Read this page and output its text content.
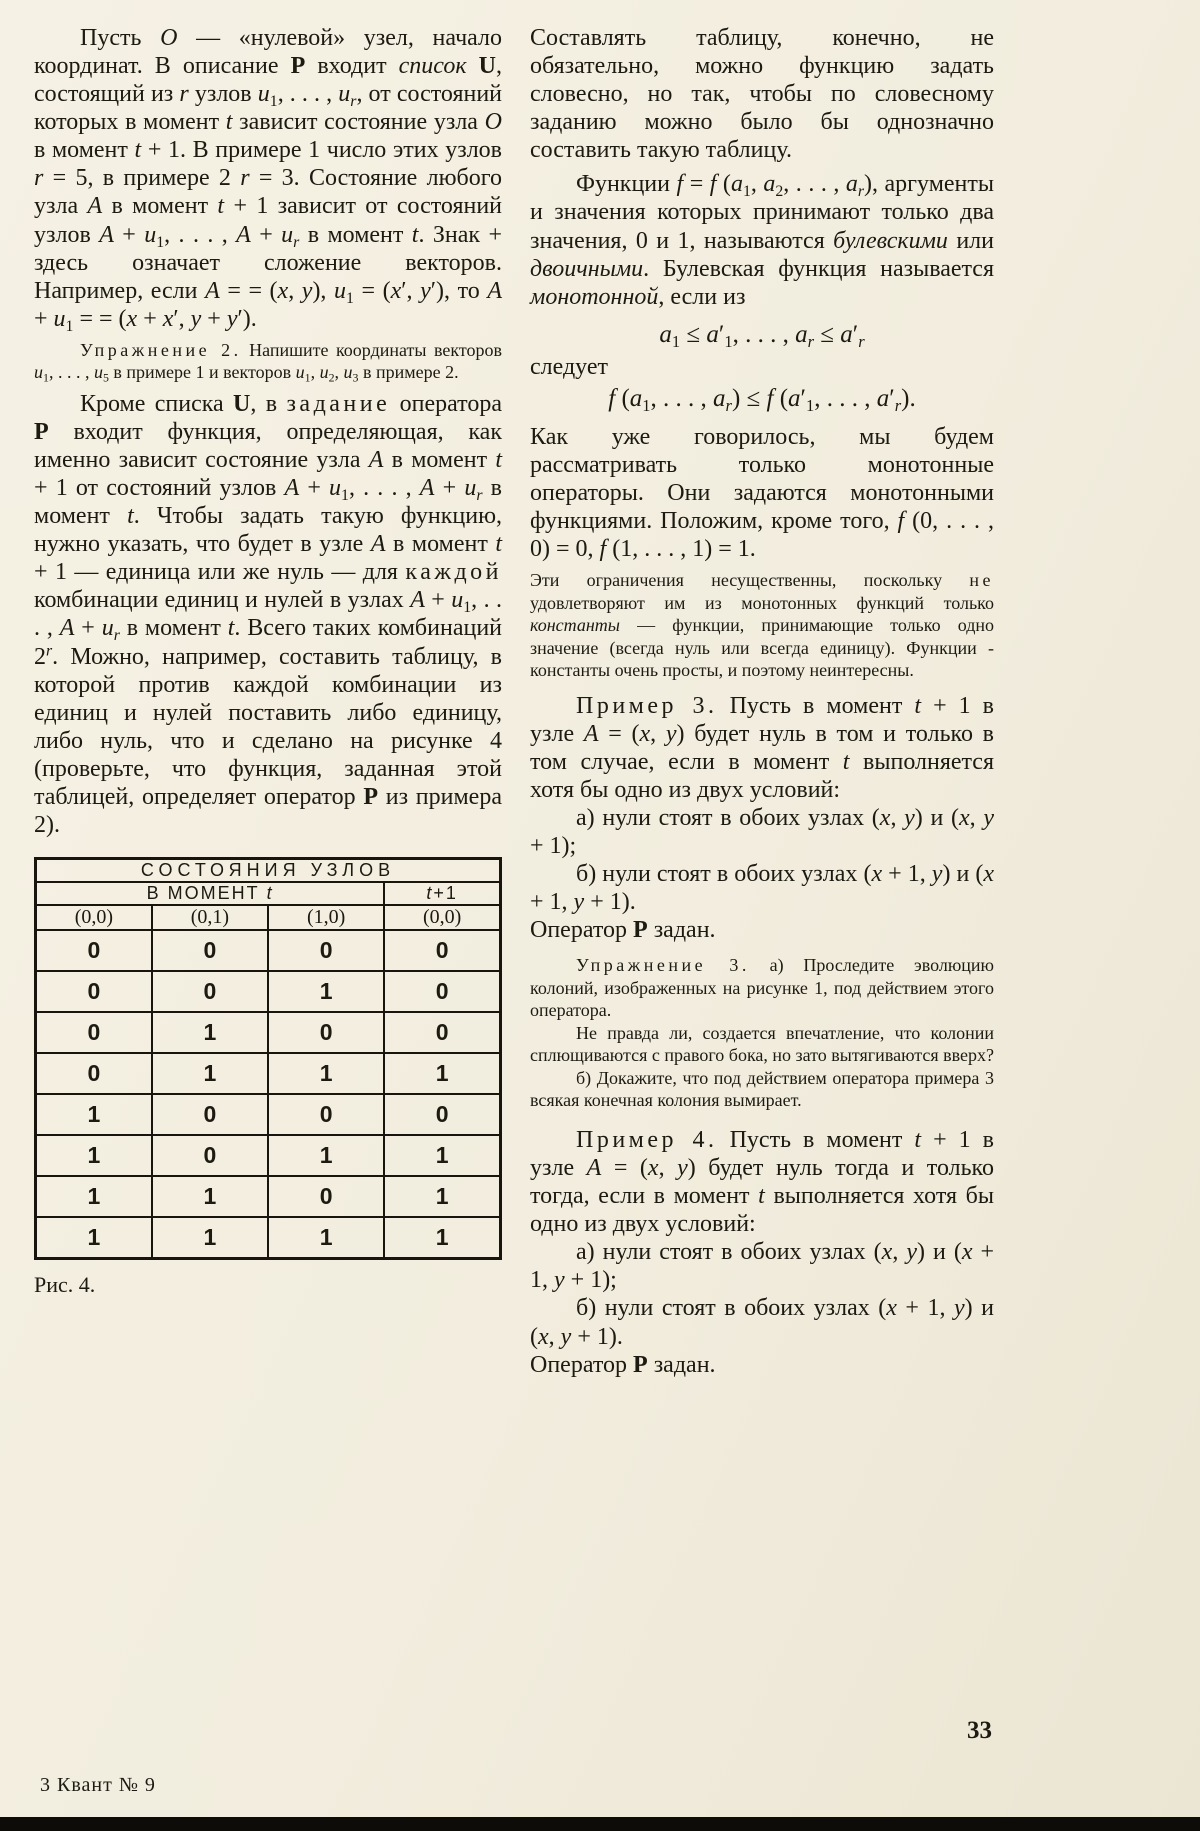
Пусть O — «нулевой» узел, начало координат. В описание Р входит список U, состоящий из r узлов $u_1$, . . . , $u_r$, от состояний которых в момент t зависит состояние узла O в момент t + 1. В примере 1 число этих узлов r = 5, в примере 2 r = 3. Состояние любого узла А в момент t + 1 зависит от состояний узлов $A + u_1$, . . . , $A + u_r$ в момент t. Знак + здесь означает сложение векторов. Например, если A = = (x, y), $u_1 = (x'$, y′), то $A + u_1$ = = (x + x′, y + y′).

Упражнение 2. Напишите координаты векторов $u_1$, . . . , $u_5$ в примере 1 и векторов $u_1$, $u_2$, $u_3$ в примере 2.

Кроме списка U, в задание оператора Р входит функция, определяющая, как именно зависит состояние узла А в момент t + 1 от состояний узлов $A + u_1$, . . . , $A + u_r$ в момент t. Чтобы задать такую функцию, нужно указать, что будет в узле А в момент t + 1 — единица или же нуль — для каждой комбинации единиц и нулей в узлах $A + u_1$, . . . , $A + u_r$ в момент t. Всего таких комбинаций 2$^r$. Можно, например, составить таблицу, в которой против каждой комбинации из единиц и нулей поставить либо единицу, либо нуль, что и сделано на рисунке 4 (проверьте, что функция, заданная этой таблицей, определяет оператор Р из примера 2).

СОСТОЯНИЯ УЗЛОВ			
В МОМЕНТ t			t+1
(0,0)	(0,1)	(1,0)	(0,0)
0	0	0	0
0	0	1	0
0	1	0	0
0	1	1	1
1	0	0	0
1	0	1	1
1	1	0	1
1	1	1	1

Рис. 4.

Составлять таблицу, конечно, не обязательно, можно функцию задать словесно, но так, чтобы по словесному заданию можно было бы однозначно составить такую таблицу.

Функции f = f ($a_1$, $a_2$, . . . , $a_r$), аргументы и значения которых принимают только два значения, 0 и 1, называются булевскими или двоичными. Булевская функция называется монотонной, если из

$a_1 \le a'_1$, . . . , $a_r \le a'_r$

следует

f ($a_1$, . . . , $a_r) \le f$ ($a'_1$, . . . , $a'_r$).

Как уже говорилось, мы будем рассматривать только монотонные операторы. Они задаются монотонными функциями. Положим, кроме того, f (0, . . . , 0) = 0, f (1, . . . , 1) = 1.

Эти ограничения несущественны, поскольку не удовлетворяют им из монотонных функций только константы — функции, принимающие только одно значение (всегда нуль или всегда единицу). Функции - константы очень просты, и поэтому неинтересны.

Пример 3. Пусть в момент t + 1 в узле А = (x, y) будет нуль в том и только в том случае, если в момент t выполняется хотя бы одно из двух условий:

а) нули стоят в обоих узлах (x, y) и (x, y + 1);

б) нули стоят в обоих узлах (x + 1, y) и (x + 1, y + 1).

Оператор Р задан.

Упражнение 3. а) Проследите эволюцию колоний, изображенных на рисунке 1, под действием этого оператора.

Не правда ли, создается впечатление, что колонии сплющиваются с правого бока, но зато вытягиваются вверх?

б) Докажите, что под действием оператора примера 3 всякая конечная колония вымирает.

Пример 4. Пусть в момент t + 1 в узле А = (x, y) будет нуль тогда и только тогда, если в момент t выполняется хотя бы одно из двух условий:

а) нули стоят в обоих узлах (x, y) и (x + 1, y + 1);

б) нули стоят в обоих узлах (x + 1, y) и (x, y + 1).

Оператор Р задан.

33
3 Квант № 9
